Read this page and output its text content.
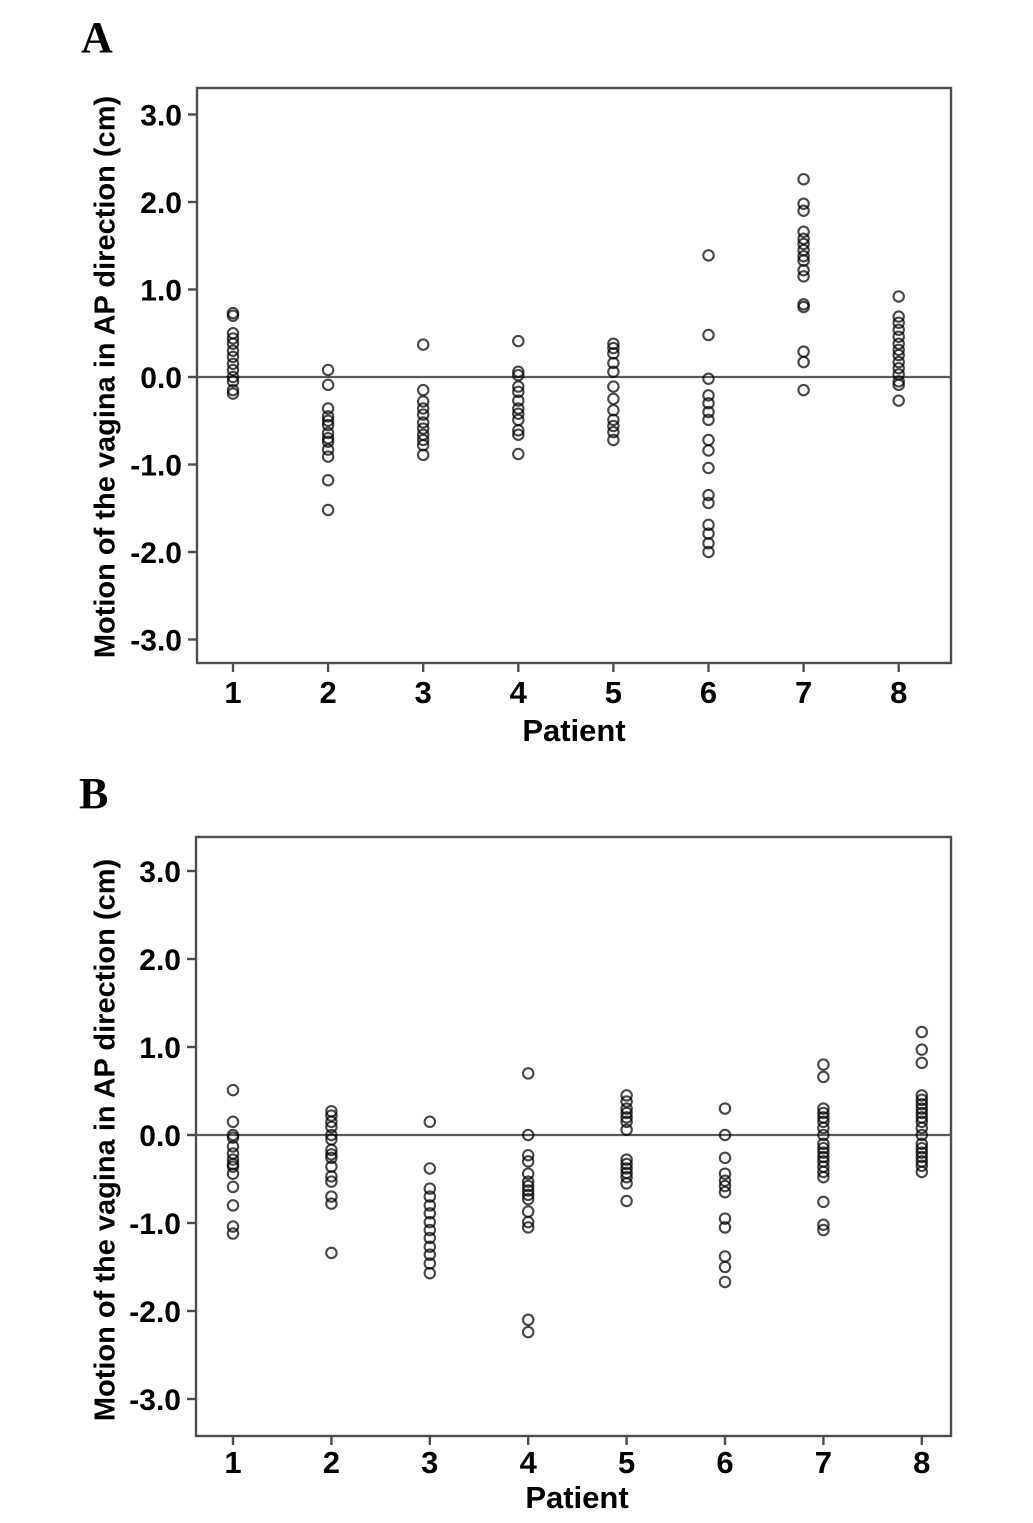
3.0
2.0
1.0
0.0
-1.0
-2.0
-3.0
1	2	3	4	5	6	7	8
3.0
2.0
1.0
0.0
-1.0
-2.0
-3.0
1	2	3	4	5	6	7	8
A
Motion of the vagina in AP direction (cm)
Patient
B
Motion of the vagina in AP direction (cm)
Patient
